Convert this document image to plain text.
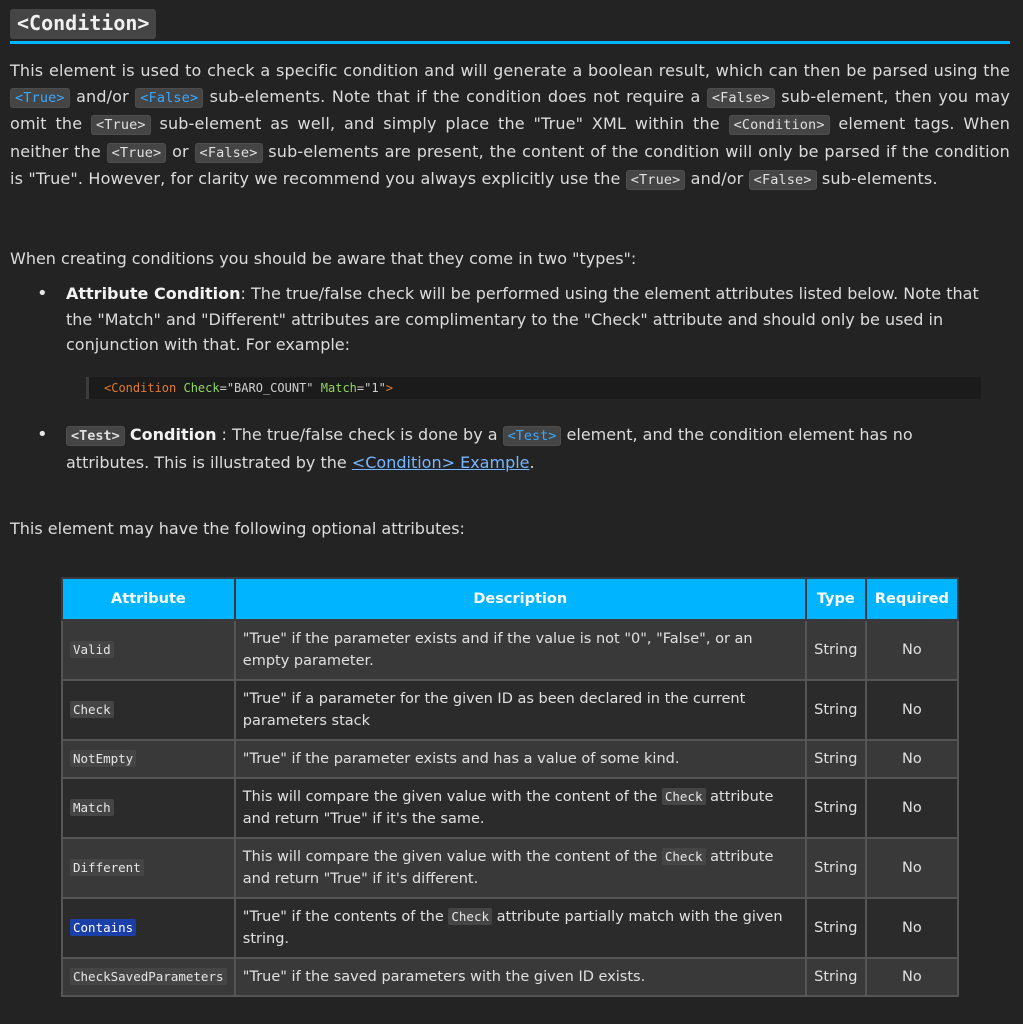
<Condition>

This element is used to check a specific condition and will generate a boolean result, which can then be parsed using the <True> and/or <False> sub-elements. Note that if the condition does not require a <False> sub-element, then you may omit the <True> sub-element as well, and simply place the "True" XML within the <Condition> element tags. When neither the <True> or <False> sub-elements are present, the content of the condition will only be parsed if the condition is "True". However, for clarity we recommend you always explicitly use the <True> and/or <False> sub-elements.

When creating conditions you should be aware that they come in two "types":

• Attribute Condition: The true/false check will be performed using the element attributes listed below. Note that the "Match" and "Different" attributes are complimentary to the "Check" attribute and should only be used in conjunction with that. For example:

<Condition Check="BARO_COUNT" Match="1">
•	<Test> Condition : The true/false check is done by a <Test> element, and the condition element has no attributes. This is illustrated by the <Condition> Example.

This element may have the following optional attributes:

Attribute	Description	Type	Required
Valid	"True" if the parameter exists and if the value is not "0", "False", or an empty parameter.	String	No
Check	"True" if a parameter for the given ID as been declared in the current parameters stack	String	No
NotEmpty	"True" if the parameter exists and has a value of some kind.	String	No
Match	This will compare the given value with the content of the Check attribute and return "True" if it's the same.	String	No
Different	This will compare the given value with the content of the Check attribute and return "True" if it's different.	String	No
Contains	"True" if the contents of the Check attribute partially match with the given string.	String	No
CheckSavedParameters	"True" if the saved parameters with the given ID exists.	String	No
